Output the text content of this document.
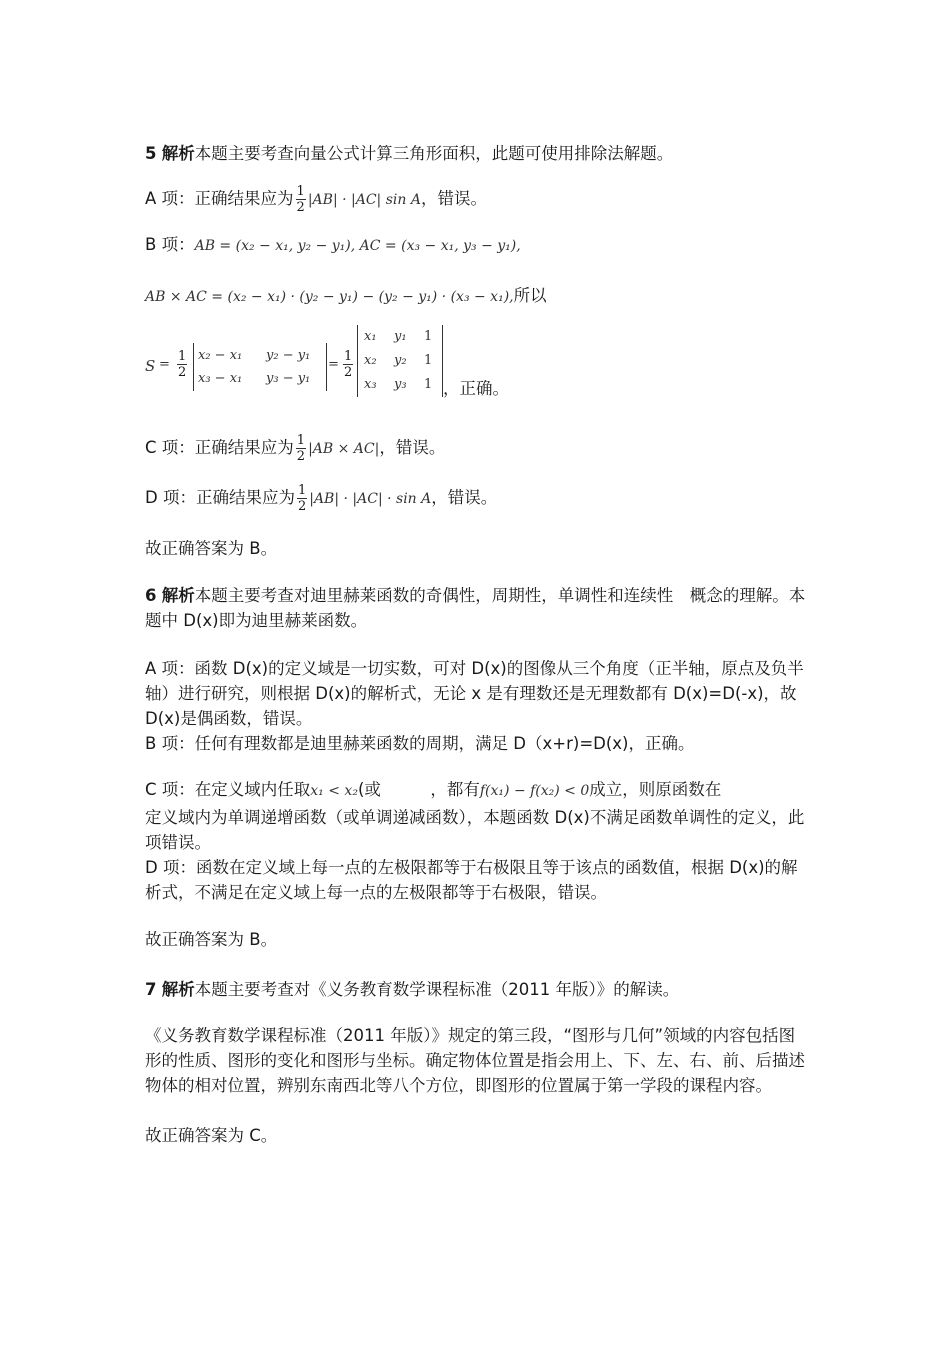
5 解析本题主要考查向量公式计算三角形面积，此题可使用排除法解题。
A 项：正确结果应为 $\frac{1}{2} |AB| \cdot |AC|$ sin A，错误。
B 项：AB = (x₂ − x₁, y₂ − y₁), AC = (x₃ − x₁, y₃ − y₁),
AB × AC = (x₂ − x₁) · (y₂ − y₁) − (y₂ − y₁) · (x₃ − x₁),所以
$S = \frac{1}{2} x_2 - x_1$ y₂ − y₁
x₃ − x₁ y₃ − y₁
= $\frac{1}{2}$
x₁ y₁ 1
x₂ y₂ 1
x₃ y₃ 1 ，正确。
C 项：正确结果应为 $\frac{1}{2} |AB \times AC|$，错误。
D 项：正确结果应为 $\frac{1}{2} |AB| \cdot |AC| \cdot \sin A$，错误。
故正确答案为 B。
6 解析本题主要考查对迪里赫莱函数的奇偶性，周期性，单调性和连续性　概念的理解。本题中 D(x)即为迪里赫莱函数。
A 项：函数 D(x)的定义域是一切实数，可对 D(x)的图像从三个角度（正半轴，原点及负半轴）进行研究，则根据 D(x)的解析式，无论 x 是有理数还是无理数都有 D(x)=D(-x)，故 D(x)是偶函数，错误。
B 项：任何有理数都是迪里赫莱函数的周期，满足 D（x+r)=D(x)，正确。
C 项：在定义域内任取x₁ < x₂(或　　　，都有f(x₁) − f(x₂) < 0成立，则原函数在
定义域内为单调递增函数（或单调递减函数），本题函数 D(x)不满足函数单调性的定义，此项错误。
D 项：函数在定义域上每一点的左极限都等于右极限且等于该点的函数值，根据 D(x)的解析式，不满足在定义域上每一点的左极限都等于右极限，错误。
故正确答案为 B。
7 解析本题主要考查对《义务教育数学课程标准（2011 年版）》的解读。
《义务教育数学课程标准（2011 年版）》规定的第三段，“图形与几何”领域的内容包括图形的性质、图形的变化和图形与坐标。确定物体位置是指会用上、下、左、右、前、后描述物体的相对位置，辨别东南西北等八个方位，即图形的位置属于第一学段的课程内容。
故正确答案为 C。
